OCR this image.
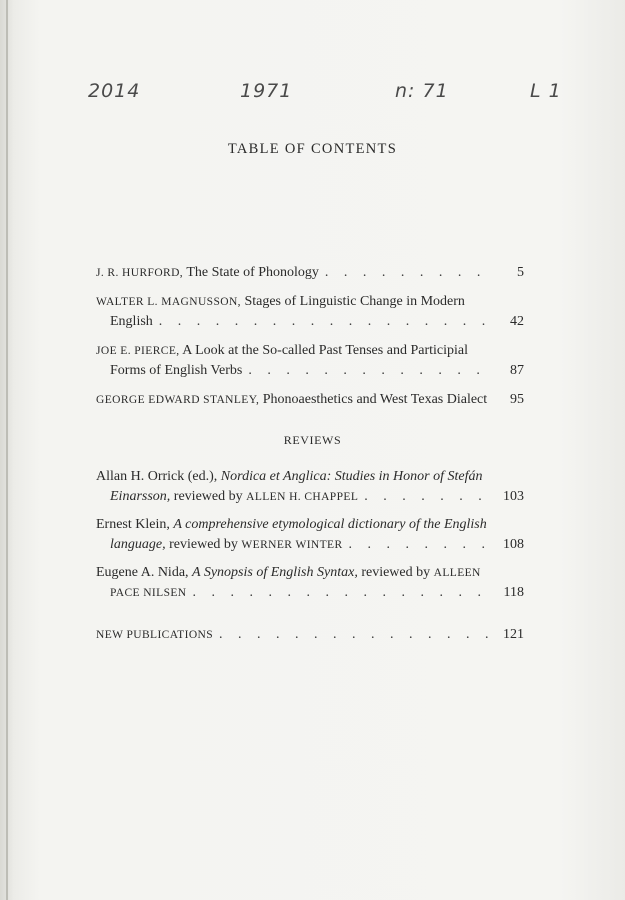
2014	1971	n: 71	L 1
TABLE OF CONTENTS
J. R. HURFORD, The State of Phonology . . .	5
WALTER L. MAGNUSSON, Stages of Linguistic Change in Modern
English . . .	42
JOE E. PIERCE, A Look at the So-called Past Tenses and Participial
Forms of English Verbs . . .	87
GEORGE EDWARD STANLEY, Phonoaesthetics and West Texas Dialect	95
REVIEWS
Allan H. Orrick (ed.), Nordica et Anglica: Studies in Honor of Stefán
Einarsson, reviewed by ALLEN H. CHAPPEL . . .	103
Ernest Klein, A comprehensive etymological dictionary of the English
language, reviewed by WERNER WINTER . . .	108
Eugene A. Nida, A Synopsis of English Syntax, reviewed by ALLEEN
PACE NILSEN . . .	118
NEW PUBLICATIONS . . .	121
